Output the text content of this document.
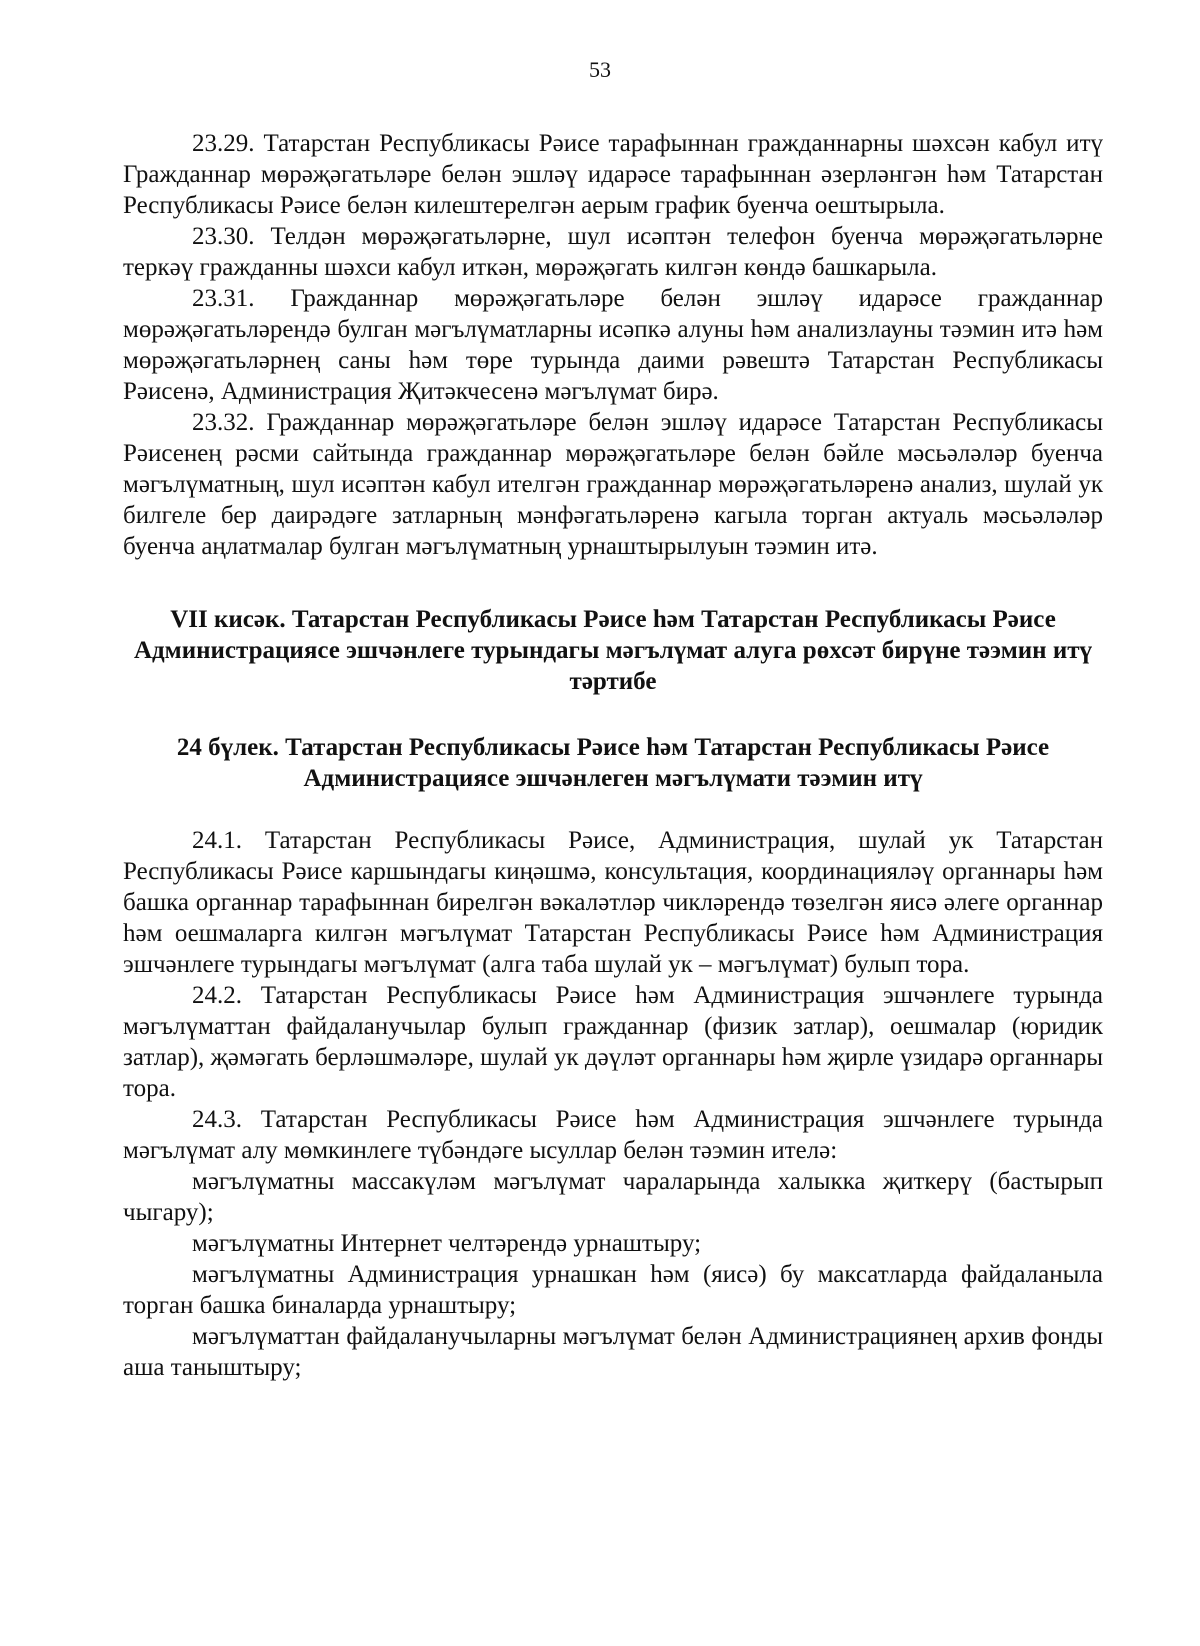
53

23.29. Татарстан Республикасы Рәисе тарафыннан гражданнарны шәхсән кабул итү Гражданнар мөрәҗәгатьләре белән эшләү идарәсе тарафыннан әзерләнгән һәм Татарстан Республикасы Рәисе белән килештерелгән аерым график буенча оештырыла.

23.30. Телдән мөрәҗәгатьләрне, шул исәптән телефон буенча мөрәҗәгатьләрне теркәү гражданны шәхси кабул иткән, мөрәҗәгать килгән көндә башкарыла.

23.31. Гражданнар мөрәҗәгатьләре белән эшләү идарәсе гражданнар мөрәҗәгатьләрендә булган мәгълүматларны исәпкә алуны һәм анализлауны тәэмин итә һәм мөрәҗәгатьләрнең саны һәм төре турында даими рәвештә Татарстан Республикасы Рәисенә, Администрация Җитәкчесенә мәгълүмат бирә.

23.32. Гражданнар мөрәҗәгатьләре белән эшләү идарәсе Татарстан Республикасы Рәисенең рәсми сайтында гражданнар мөрәҗәгатьләре белән бәйле мәсьәләләр буенча мәгълүматның, шул исәптән кабул ителгән гражданнар мөрәҗәгатьләренә анализ, шулай ук билгеле бер даирәдәге затларның мәнфәгатьләренә кагыла торган актуаль мәсьәләләр буенча аңлатмалар булган мәгълүматның урнаштырылуын тәэмин итә.

VII кисәк. Татарстан Республикасы Рәисе һәм Татарстан Республикасы Рәисе Администрациясе эшчәнлеге турындагы мәгълүмат алуга рөхсәт бирүне тәэмин итү тәртибе

24 бүлек. Татарстан Республикасы Рәисе һәм Татарстан Республикасы Рәисе Администрациясе эшчәнлеген мәгълүмати тәэмин итү

24.1. Татарстан Республикасы Рәисе, Администрация, шулай ук Татарстан Республикасы Рәисе каршындагы киңәшмә, консультация, координацияләү органнары һәм башка органнар тарафыннан бирелгән вәкаләтләр чикләрендә төзелгән яисә әлеге органнар һәм оешмаларга килгән мәгълүмат Татарстан Республикасы Рәисе һәм Администрация эшчәнлеге турындагы мәгълүмат (алга таба шулай ук – мәгълүмат) булып тора.

24.2. Татарстан Республикасы Рәисе һәм Администрация эшчәнлеге турында мәгълүматтан файдаланучылар булып гражданнар (физик затлар), оешмалар (юридик затлар), җәмәгать берләшмәләре, шулай ук дәүләт органнары һәм җирле үзидарә органнары тора.

24.3. Татарстан Республикасы Рәисе һәм Администрация эшчәнлеге турында мәгълүмат алу мөмкинлеге түбәндәге ысуллар белән тәэмин ителә:

мәгълүматны массакүләм мәгълүмат чараларында халыкка җиткерү (бастырып чыгару);

мәгълүматны Интернет челтәрендә урнаштыру;

мәгълүматны Администрация урнашкан һәм (яисә) бу максатларда файдаланыла торган башка биналарда урнаштыру;

мәгълүматтан файдаланучыларны мәгълүмат белән Администрациянең архив фонды аша таныштыру;
